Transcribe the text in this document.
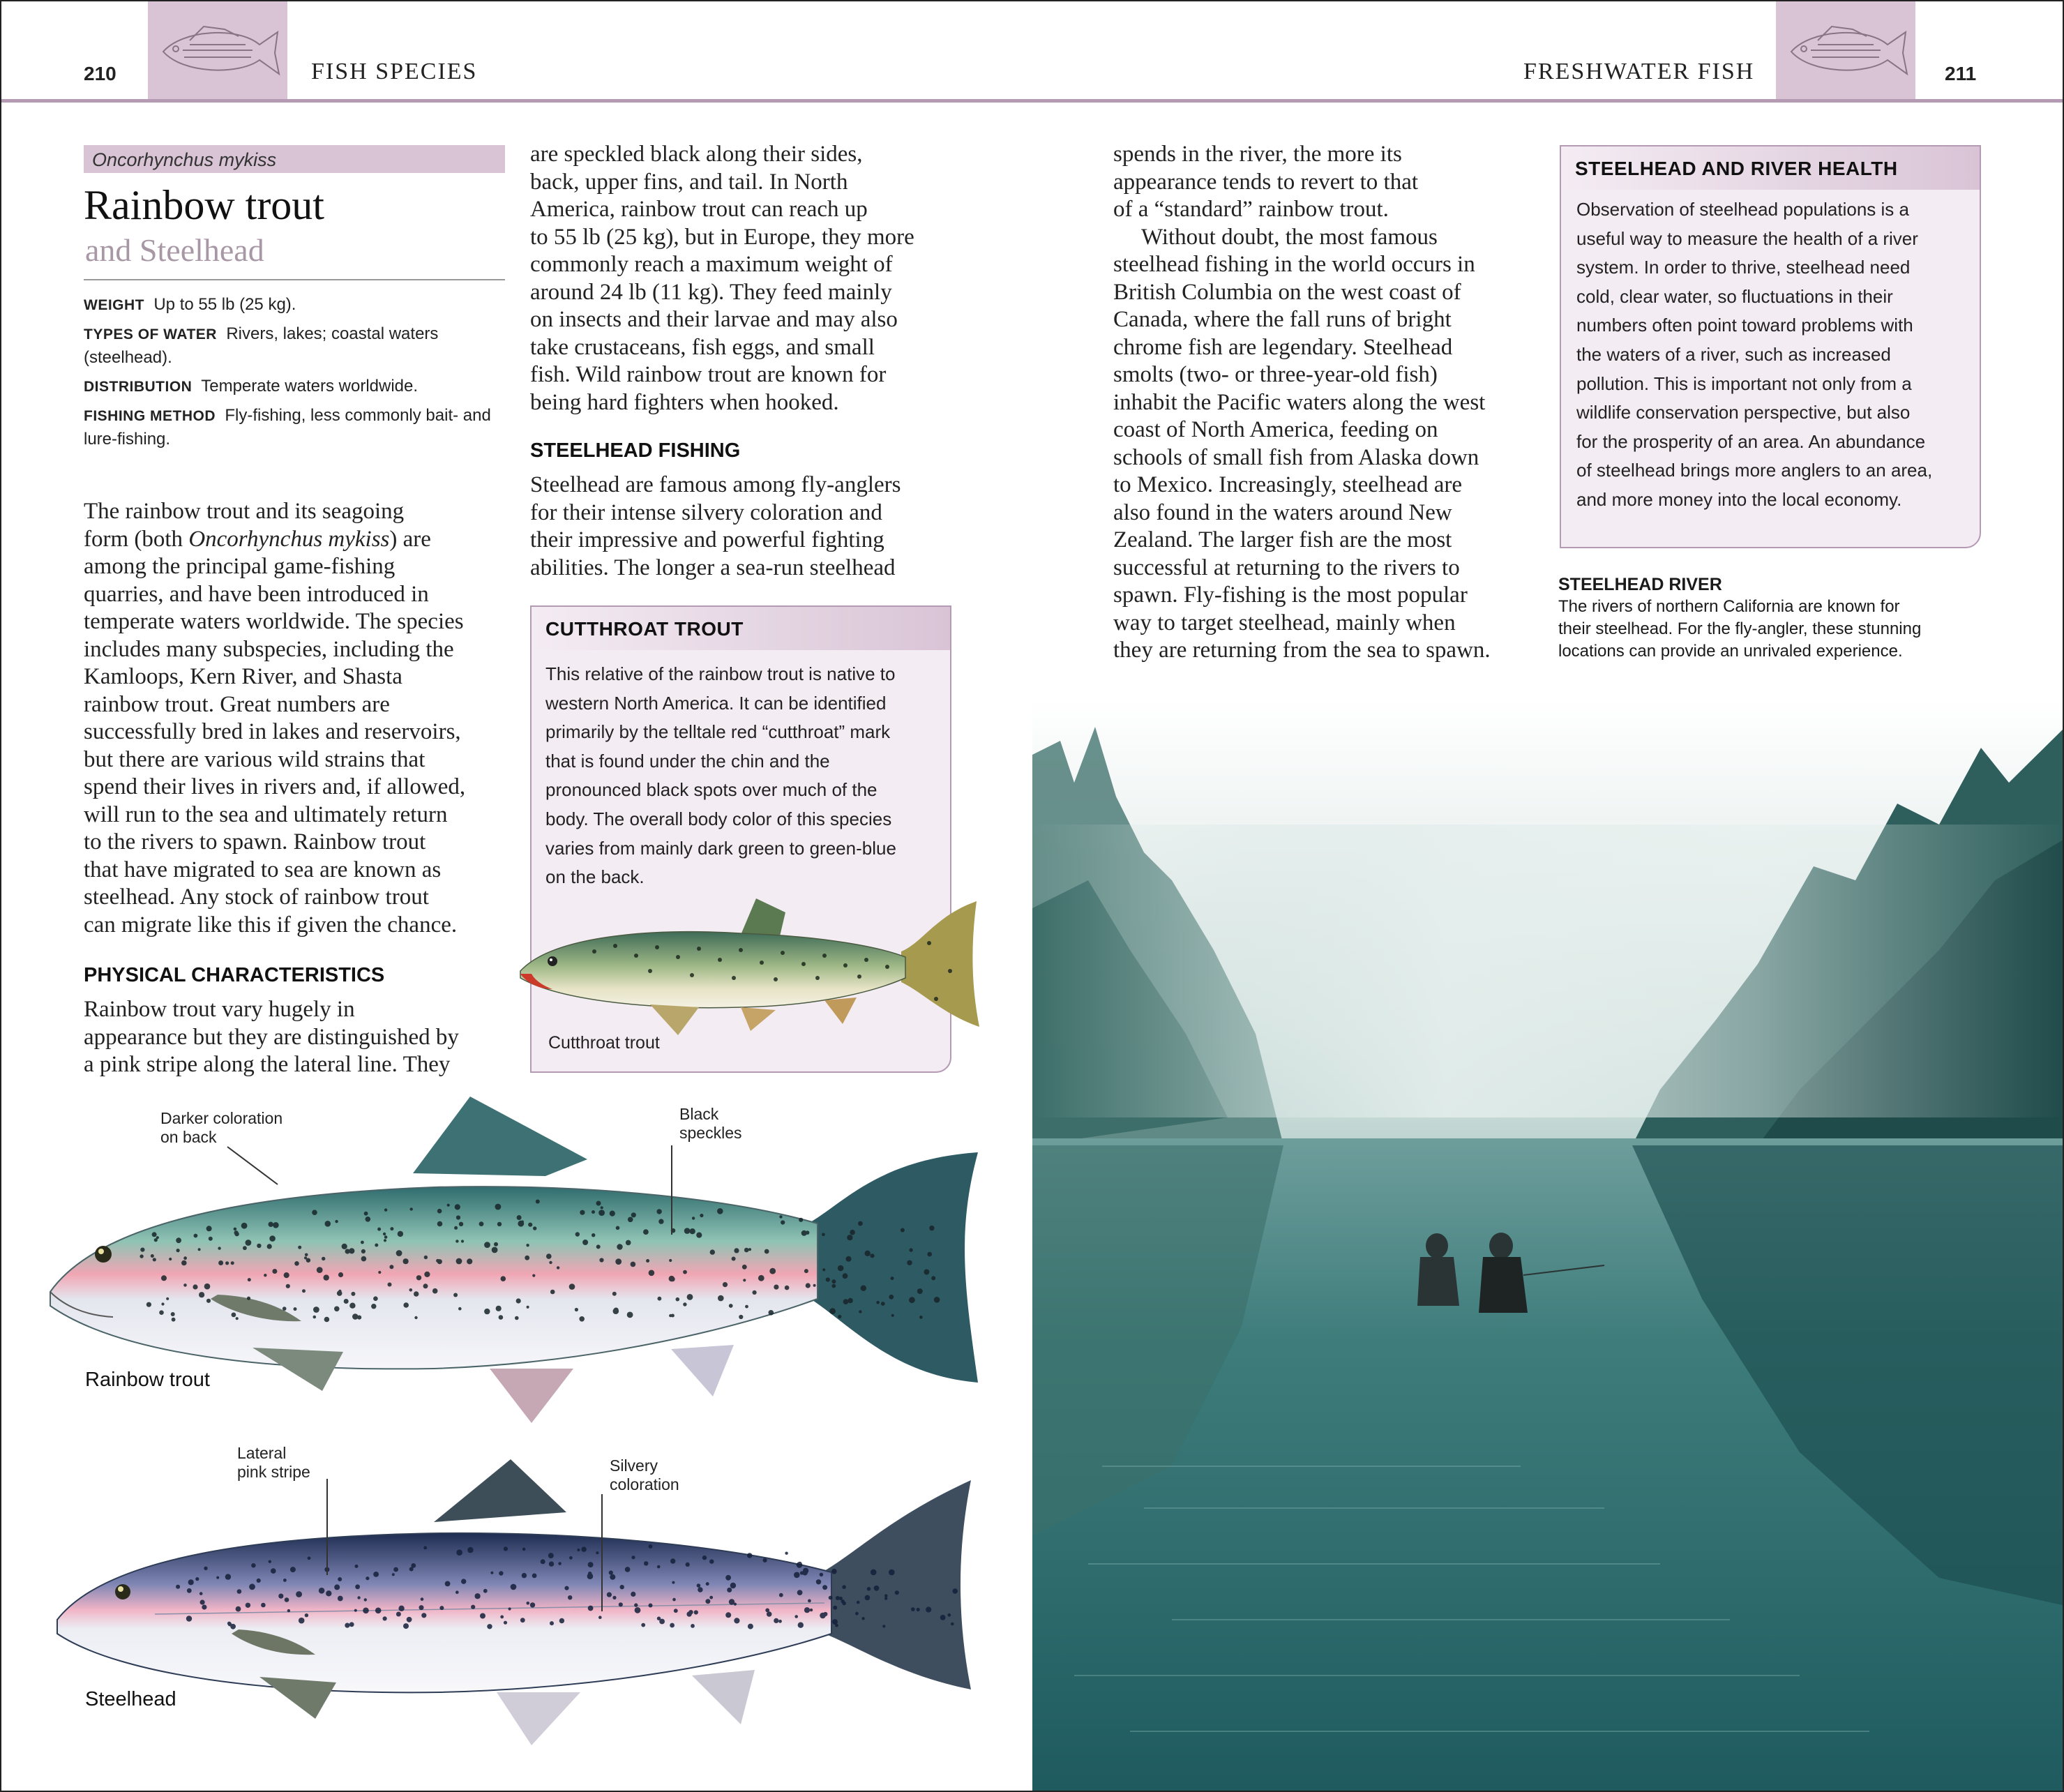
210	FISH SPECIES	FRESHWATER FISH	211
Oncorhynchus mykiss
Rainbow trout
and Steelhead

WEIGHT Up to 55 lb (25 kg).

TYPES OF WATER Rivers, lakes; coastal waters (steelhead).

DISTRIBUTION Temperate waters worldwide.

FISHING METHOD Fly-fishing, less commonly bait- and lure-fishing.

The rainbow trout and its seagoing

form (both Oncorhynchus mykiss) are

among the principal game-fishing

quarries, and have been introduced in

temperate waters worldwide. The species

includes many subspecies, including the

Kamloops, Kern River, and Shasta

rainbow trout. Great numbers are

successfully bred in lakes and reservoirs,

but there are various wild strains that

spend their lives in rivers and, if allowed,

will run to the sea and ultimately return

to the rivers to spawn. Rainbow trout

that have migrated to sea are known as

steelhead. Any stock of rainbow trout

can migrate like this if given the chance.

PHYSICAL CHARACTERISTICS

Rainbow trout vary hugely in

appearance but they are distinguished by

a pink stripe along the lateral line. They

are speckled black along their sides,

back, upper fins, and tail. In North

America, rainbow trout can reach up

to 55 lb (25 kg), but in Europe, they more

commonly reach a maximum weight of

around 24 lb (11 kg). They feed mainly

on insects and their larvae and may also

take crustaceans, fish eggs, and small

fish. Wild rainbow trout are known for

being hard fighters when hooked.

STEELHEAD FISHING

Steelhead are famous among fly-anglers

for their intense silvery coloration and

their impressive and powerful fighting

abilities. The longer a sea-run steelhead

CUTTHROAT TROUT
This relative of the rainbow trout is native to
western North America. It can be identified
primarily by the telltale red “cutthroat” mark
that is found under the chin and the
pronounced black spots over much of the
body. The overall body color of this species
varies from mainly dark green to green-blue
on the back.
Cutthroat trout
Darker coloration
on back
Black
speckles
Rainbow trout
Lateral
pink stripe	Silvery
coloration
Steelhead

spends in the river, the more its

appearance tends to revert to that

of a “standard” rainbow trout.

Without doubt, the most famous

steelhead fishing in the world occurs in

British Columbia on the west coast of

Canada, where the fall runs of bright

chrome fish are legendary. Steelhead

smolts (two- or three-year-old fish)

inhabit the Pacific waters along the west

coast of North America, feeding on

schools of small fish from Alaska down

to Mexico. Increasingly, steelhead are

also found in the waters around New

Zealand. The larger fish are the most

successful at returning to the rivers to

spawn. Fly-fishing is the most popular

way to target steelhead, mainly when

they are returning from the sea to spawn.

STEELHEAD AND RIVER HEALTH
Observation of steelhead populations is a
useful way to measure the health of a river
system. In order to thrive, steelhead need
cold, clear water, so fluctuations in their
numbers often point toward problems with
the waters of a river, such as increased
pollution. This is important not only from a
wildlife conservation perspective, but also
for the prosperity of an area. An abundance
of steelhead brings more anglers to an area,
and more money into the local economy.
STEELHEAD RIVER
The rivers of northern California are known for
their steelhead. For the fly-angler, these stunning
locations can provide an unrivaled experience.
